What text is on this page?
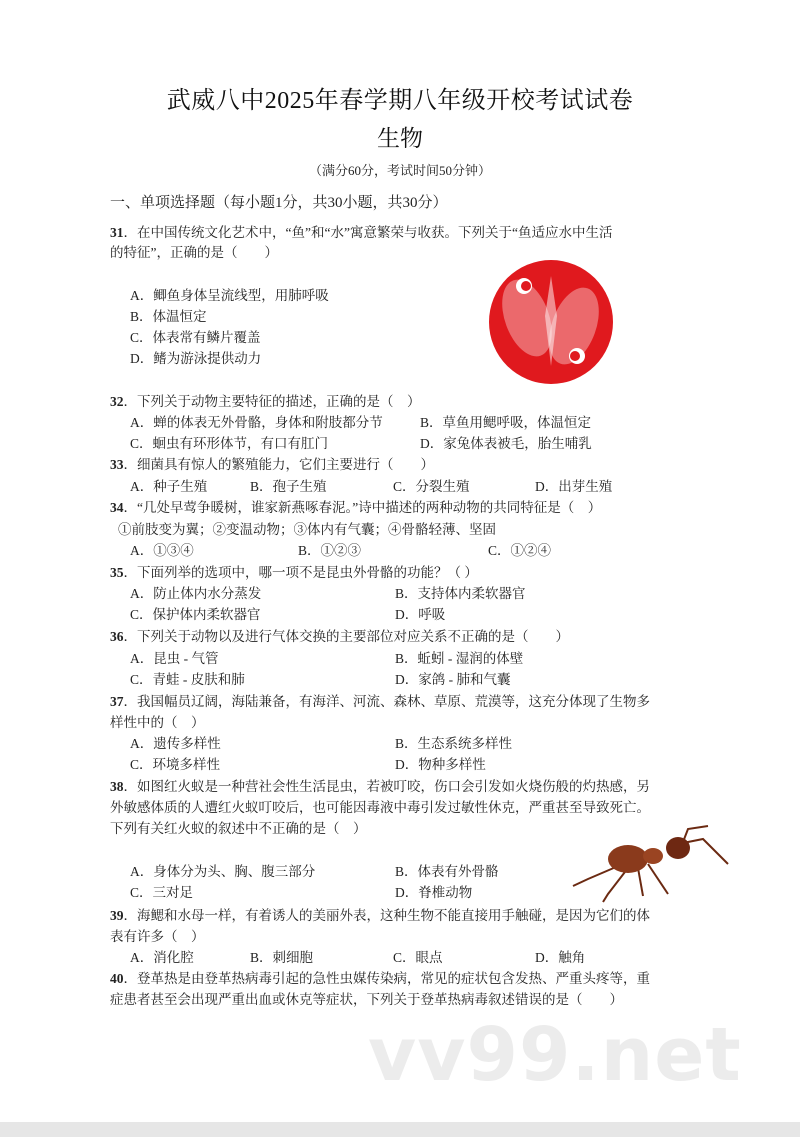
武威八中2025年春学期八年级开校考试试卷
生物
（满分60分，考试时间50分钟）
一、单项选择题（每小题1分，共30小题，共30分）
31．在中国传统文化艺术中，“鱼”和“水”寓意繁荣与收获。下列关于“鱼适应水中生活
的特征”，正确的是（　　）
A．鲫鱼身体呈流线型，用肺呼吸
B．体温恒定
C．体表常有鳞片覆盖
D．鳍为游泳提供动力
32．下列关于动物主要特征的描述，正确的是（　）
A．蝉的体表无外骨骼，身体和附肢都分节	B．草鱼用鳃呼吸，体温恒定
C．蛔虫有环形体节，有口有肛门	D．家兔体表被毛，胎生哺乳
33．细菌具有惊人的繁殖能力，它们主要进行（　　）
A．种子生殖	B．孢子生殖	C．分裂生殖	D．出芽生殖
34．“几处早莺争暖树，谁家新燕啄春泥。”诗中描述的两种动物的共同特征是（　）
①前肢变为翼；②变温动物；③体内有气囊；④骨骼轻薄、坚固
A．①③④	B．①②③	C．①②④
35．下面列举的选项中，哪一项不是昆虫外骨骼的功能？（ ）
A．防止体内水分蒸发	B．支持体内柔软器官
C．保护体内柔软器官	D．呼吸
36．下列关于动物以及进行气体交换的主要部位对应关系不正确的是（　　）
A．昆虫 - 气管	B．蚯蚓 - 湿润的体壁
C．青蛙 - 皮肤和肺	D．家鸽 - 肺和气囊
37．我国幅员辽阔，海陆兼备，有海洋、河流、森林、草原、荒漠等，这充分体现了生物多
样性中的（　）
A．遗传多样性	B．生态系统多样性
C．环境多样性	D．物种多样性
38．如图红火蚁是一种营社会性生活昆虫，若被叮咬，伤口会引发如火烧伤般的灼热感，另
外敏感体质的人遭红火蚁叮咬后，也可能因毒液中毒引发过敏性休克，严重甚至导致死亡。
下列有关红火蚁的叙述中不正确的是（　）
A．身体分为头、胸、腹三部分	B．体表有外骨骼
C．三对足	D．脊椎动物
39．海鳃和水母一样，有着诱人的美丽外表，这种生物不能直接用手触碰，是因为它们的体
表有许多（　）
A．消化腔	B．刺细胞	C．眼点	D．触角
40．登革热是由登革热病毒引起的急性虫媒传染病，常见的症状包含发热、严重头疼等，重
症患者甚至会出现严重出血或休克等症状，下列关于登革热病毒叙述错误的是（　　）
vv99.net
